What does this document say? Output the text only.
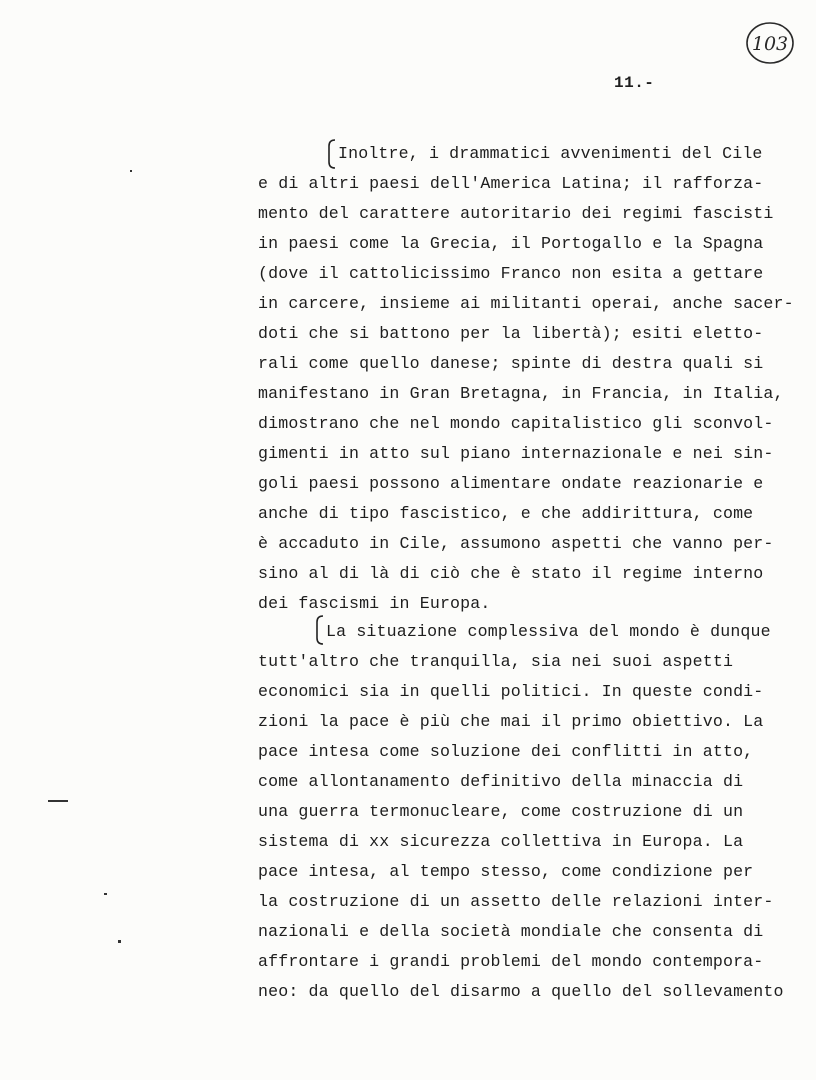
103
11.-
Inoltre, i drammatici avvenimenti del Cile
e di altri paesi dell'America Latina; il rafforza-
mento del carattere autoritario dei regimi fascisti
in paesi come la Grecia, il Portogallo e la Spagna
(dove il cattolicissimo Franco non esita a gettare
in carcere, insieme ai militanti operai, anche sacer-
doti che si battono per la libertà); esiti eletto-
rali come quello danese; spinte di destra quali si
manifestano in Gran Bretagna, in Francia, in Italia,
dimostrano che nel mondo capitalistico gli sconvol-
gimenti in atto sul piano internazionale e nei sin-
goli paesi possono alimentare ondate reazionarie e
anche di tipo fascistico, e che addirittura, come
è accaduto in Cile, assumono aspetti che vanno per-
sino al di là di ciò che è stato il regime interno
dei fascismi in Europa.
La situazione complessiva del mondo è dunque
tutt'altro che tranquilla, sia nei suoi aspetti
economici sia in quelli politici. In queste condi-
zioni la pace è più che mai il primo obiettivo. La
pace intesa come soluzione dei conflitti in atto,
come allontanamento definitivo della minaccia di
una guerra termonucleare, come costruzione di un
sistema di xx sicurezza collettiva in Europa. La
pace intesa, al tempo stesso, come condizione per
la costruzione di un assetto delle relazioni inter-
nazionali e della società mondiale che consenta di
affrontare i grandi problemi del mondo contempora-
neo: da quello del disarmo a quello del sollevamento
